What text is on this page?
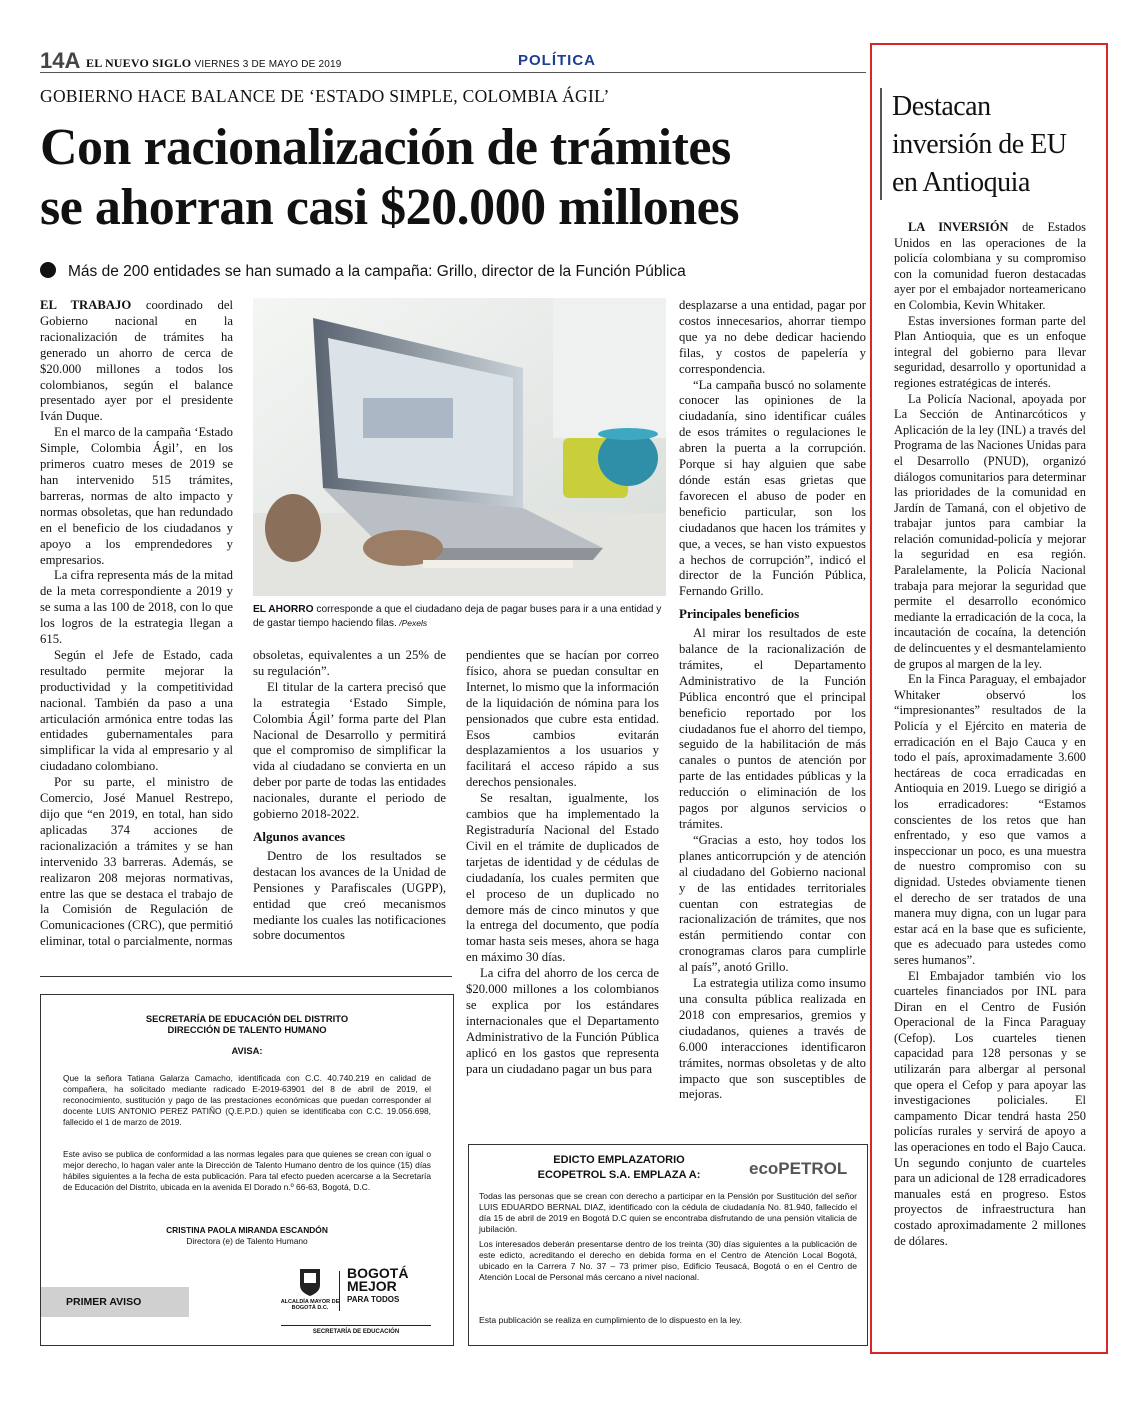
14A EL NUEVO SIGLO VIERNES 3 DE MAYO DE 2019	POLÍTICA
GOBIERNO HACE BALANCE DE ‘ESTADO SIMPLE, COLOMBIA ÁGIL’
Con racionalización de trámites
se ahorran casi $20.000 millones
Más de 200 entidades se han sumado a la campaña: Grillo, director de la Función Pública

EL TRABAJO coordinado del Gobierno nacional en la racionalización de trámites ha generado un ahorro de cerca de $20.000 millones a todos los colombianos, según el balance presentado ayer por el presidente Iván Duque.

En el marco de la campaña ‘Estado Simple, Colombia Ágil’, en los primeros cuatro meses de 2019 se han intervenido 515 trámites, barreras, normas de alto impacto y normas obsoletas, que han redundado en el beneficio de los ciudadanos y apoyo a los emprendedores y empresarios.

La cifra representa más de la mitad de la meta correspondiente a 2019 y se suma a las 100 de 2018, con lo que los logros de la estrategia llegan a 615.

Según el Jefe de Estado, cada resultado permite mejorar la productividad y la competitividad nacional. También da paso a una articulación armónica entre todas las entidades gubernamentales para simplificar la vida al empresario y al ciudadano colombiano.

Por su parte, el ministro de Comercio, José Manuel Restrepo, dijo que “en 2019, en total, han sido aplicadas 374 acciones de racionalización a trámites y se han intervenido 33 barreras. Además, se realizaron 208 mejoras normativas, entre las que se destaca el trabajo de la Comisión de Regulación de Comunicaciones (CRC), que permitió eliminar, total o parcialmente, normas

EL AHORRO corresponde a que el ciudadano deja de pagar buses para ir a una entidad y de gastar tiempo haciendo filas. /Pexels

obsoletas, equivalentes a un 25% de su regulación”.

El titular de la cartera precisó que la estrategia ‘Estado Simple, Colombia Ágil’ forma parte del Plan Nacional de Desarrollo y permitirá que el compromiso de simplificar la vida al ciudadano se convierta en un deber por parte de todas las entidades nacionales, durante el periodo de gobierno 2018-2022.

Algunos avances

Dentro de los resultados se destacan los avances de la Unidad de Pensiones y Parafiscales (UGPP), entidad que creó mecanismos mediante los cuales las notificaciones sobre documentos

pendientes que se hacían por correo físico, ahora se puedan consultar en Internet, lo mismo que la información de la liquidación de nómina para los pensionados que cubre esta entidad. Esos cambios evitarán desplazamientos a los usuarios y facilitará el acceso rápido a sus derechos pensionales.

Se resaltan, igualmente, los cambios que ha implementado la Registraduría Nacional del Estado Civil en el trámite de duplicados de tarjetas de identidad y de cédulas de ciudadanía, los cuales permiten que el proceso de un duplicado no demore más de cinco minutos y que la entrega del documento, que podía tomar hasta seis meses, ahora se haga en máximo 30 días.

La cifra del ahorro de los cerca de $20.000 millones a los colombianos se explica por los estándares internacionales que el Departamento Administrativo de la Función Pública aplicó en los gastos que representa para un ciudadano pagar un bus para

desplazarse a una entidad, pagar por costos innecesarios, ahorrar tiempo que ya no debe dedicar haciendo filas, y costos de papelería y correspondencia.

“La campaña buscó no solamente conocer las opiniones de la ciudadanía, sino identificar cuáles de esos trámites o regulaciones le abren la puerta a la corrupción. Porque si hay alguien que sabe dónde están esas grietas que favorecen el abuso de poder en beneficio particular, son los ciudadanos que hacen los trámites y que, a veces, se han visto expuestos a hechos de corrupción”, indicó el director de la Función Pública, Fernando Grillo.

Principales beneficios

Al mirar los resultados de este balance de la racionalización de trámites, el Departamento Administrativo de la Función Pública encontró que el principal beneficio reportado por los ciudadanos fue el ahorro del tiempo, seguido de la habilitación de más canales o puntos de atención por parte de las entidades públicas y la reducción o eliminación de los pagos por algunos servicios o trámites.

“Gracias a esto, hoy todos los planes anticorrupción y de atención al ciudadano del Gobierno nacional y de las entidades territoriales cuentan con estrategias de racionalización de trámites, que nos están permitiendo contar con cronogramas claros para cumplirle al país”, anotó Grillo.

La estrategia utiliza como insumo una consulta pública realizada en 2018 con empresarios, gremios y ciudadanos, quienes a través de 6.000 interacciones identificaron trámites, normas obsoletas y de alto impacto que son susceptibles de mejoras.

SECRETARÍA DE EDUCACIÓN DEL DISTRITO
DIRECCIÓN DE TALENTO HUMANO
AVISA:
Que la señora Tatiana Galarza Camacho, identificada con C.C. 40.740.219 en calidad de compañera, ha solicitado mediante radicado E-2019-63901 del 8 de abril de 2019, el reconocimiento, sustitución y pago de las prestaciones económicas que puedan corresponder al docente LUIS ANTONIO PEREZ PATIÑO (Q.E.P.D.) quien se identificaba con C.C. 19.056.698, fallecido el 1 de marzo de 2019.
Este aviso se publica de conformidad a las normas legales para que quienes se crean con igual o mejor derecho, lo hagan valer ante la Dirección de Talento Humano dentro de los quince (15) días hábiles siguientes a la fecha de esta publicación. Para tal efecto pueden acercarse a la Secretaría de Educación del Distrito, ubicada en la avenida El Dorado n.º 66-63, Bogotá, D.C.
CRISTINA PAOLA MIRANDA ESCANDÓN
Directora (e) de Talento Humano
PRIMER AVISO	ALCALDÍA MAYOR DE BOGOTÁ D.C.
BOGOTÁ
MEJOR
PARA TODOS
SECRETARÍA DE EDUCACIÓN
EDICTO EMPLAZATORIO
ECOPETROL S.A. EMPLAZA A:	ecoPETROL
Todas las personas que se crean con derecho a participar en la Pensión por Sustitución del señor LUIS EDUARDO BERNAL DIAZ, identificado con la cédula de ciudadanía No. 81.940, fallecido el día 15 de abril de 2019 en Bogotá D.C quien se encontraba disfrutando de una pensión vitalicia de jubilación.
Los interesados deberán presentarse dentro de los treinta (30) días siguientes a la publicación de este edicto, acreditando el derecho en debida forma en el Centro de Atención Local Bogotá, ubicado en la Carrera 7 No. 37 – 73 primer piso, Edificio Teusacá, Bogotá o en el Centro de Atención Local de Personal más cercano a nivel nacional.
Esta publicación se realiza en cumplimiento de lo dispuesto en la ley.
Destacan
inversión de EU
en Antioquia

LA INVERSIÓN de Estados Unidos en las operaciones de la policía colombiana y su compromiso con la comunidad fueron destacadas ayer por el embajador norteamericano en Colombia, Kevin Whitaker.

Estas inversiones forman parte del Plan Antioquia, que es un enfoque integral del gobierno para llevar seguridad, desarrollo y oportunidad a regiones estratégicas de interés.

La Policía Nacional, apoyada por La Sección de Antinarcóticos y Aplicación de la ley (INL) a través del Programa de las Naciones Unidas para el Desarrollo (PNUD), organizó diálogos comunitarios para determinar las prioridades de la comunidad en Jardín de Tamaná, con el objetivo de trabajar juntos para cambiar la relación comunidad-policía y mejorar la seguridad en esa región. Paralelamente, la Policía Nacional trabaja para mejorar la seguridad que permite el desarrollo económico mediante la erradicación de la coca, la incautación de cocaína, la detención de delincuentes y el desmantelamiento de grupos al margen de la ley.

En la Finca Paraguay, el embajador Whitaker observó los “impresionantes” resultados de la Policía y el Ejército en materia de erradicación en el Bajo Cauca y en todo el país, aproximadamente 3.600 hectáreas de coca erradicadas en Antioquia en 2019. Luego se dirigió a los erradicadores: “Estamos conscientes de los retos que han enfrentado, y eso que vamos a inspeccionar un poco, es una muestra de nuestro compromiso con su dignidad. Ustedes obviamente tienen el derecho de ser tratados de una manera muy digna, con un lugar para estar acá en la base que es suficiente, que es adecuado para ustedes como seres humanos”.

El Embajador también vio los cuarteles financiados por INL para Diran en el Centro de Fusión Operacional de la Finca Paraguay (Cefop). Los cuarteles tienen capacidad para 128 personas y se utilizarán para albergar al personal que opera el Cefop y para apoyar las investigaciones policiales. El campamento Dicar tendrá hasta 250 policías rurales y servirá de apoyo a las operaciones en todo el Bajo Cauca. Un segundo conjunto de cuarteles para un adicional de 128 erradicadores manuales está en progreso. Estos proyectos de infraestructura han costado aproximadamente 2 millones de dólares.
